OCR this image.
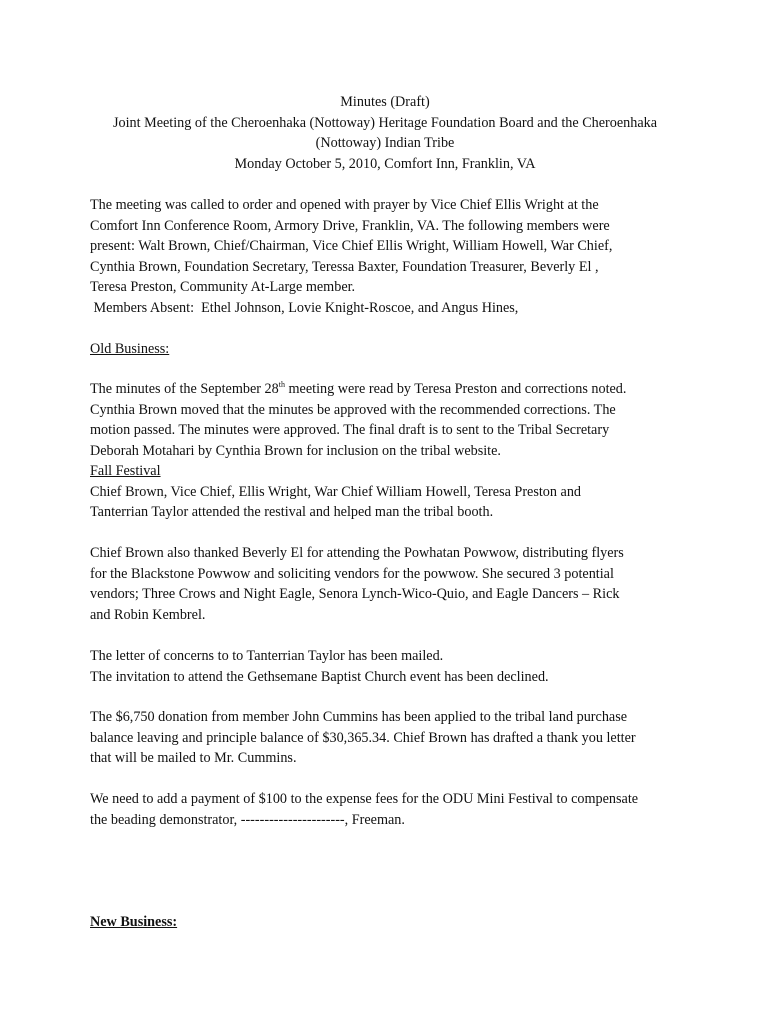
Minutes (Draft)
Joint Meeting of the Cheroenhaka (Nottoway) Heritage Foundation Board and the Cheroenhaka
(Nottoway) Indian Tribe
Monday October 5, 2010, Comfort Inn, Franklin, VA
The meeting was called to order and opened with prayer by Vice Chief Ellis Wright at the
Comfort Inn Conference Room, Armory Drive, Franklin, VA. The following members were
present: Walt Brown, Chief/Chairman, Vice Chief Ellis Wright, William Howell, War Chief,
Cynthia Brown, Foundation Secretary, Teressa Baxter, Foundation Treasurer, Beverly El ,
Teresa Preston, Community At-Large member.
Members Absent:  Ethel Johnson, Lovie Knight-Roscoe, and Angus Hines,
Old Business:
The minutes of the September 28th meeting were read by Teresa Preston and corrections noted.
Cynthia Brown moved that the minutes be approved with the recommended corrections. The
motion passed. The minutes were approved. The final draft is to sent to the Tribal Secretary
Deborah Motahari by Cynthia Brown for inclusion on the tribal website.
Fall Festival
Chief Brown, Vice Chief, Ellis Wright, War Chief William Howell, Teresa Preston and
Tanterrian Taylor attended the restival and helped man the tribal booth.
Chief Brown also thanked Beverly El for attending the Powhatan Powwow, distributing flyers
for the Blackstone Powwow and soliciting vendors for the powwow. She secured 3 potential
vendors; Three Crows and Night Eagle, Senora Lynch-Wico-Quio, and Eagle Dancers – Rick
and Robin Kembrel.
The letter of concerns to to Tanterrian Taylor has been mailed.
The invitation to attend the Gethsemane Baptist Church event has been declined.
The $6,750 donation from member John Cummins has been applied to the tribal land purchase
balance leaving and principle balance of $30,365.34. Chief Brown has drafted a thank you letter
that will be mailed to Mr. Cummins.
We need to add a payment of $100 to the expense fees for the ODU Mini Festival to compensate
the beading demonstrator, ----------------------, Freeman.
New Business:
